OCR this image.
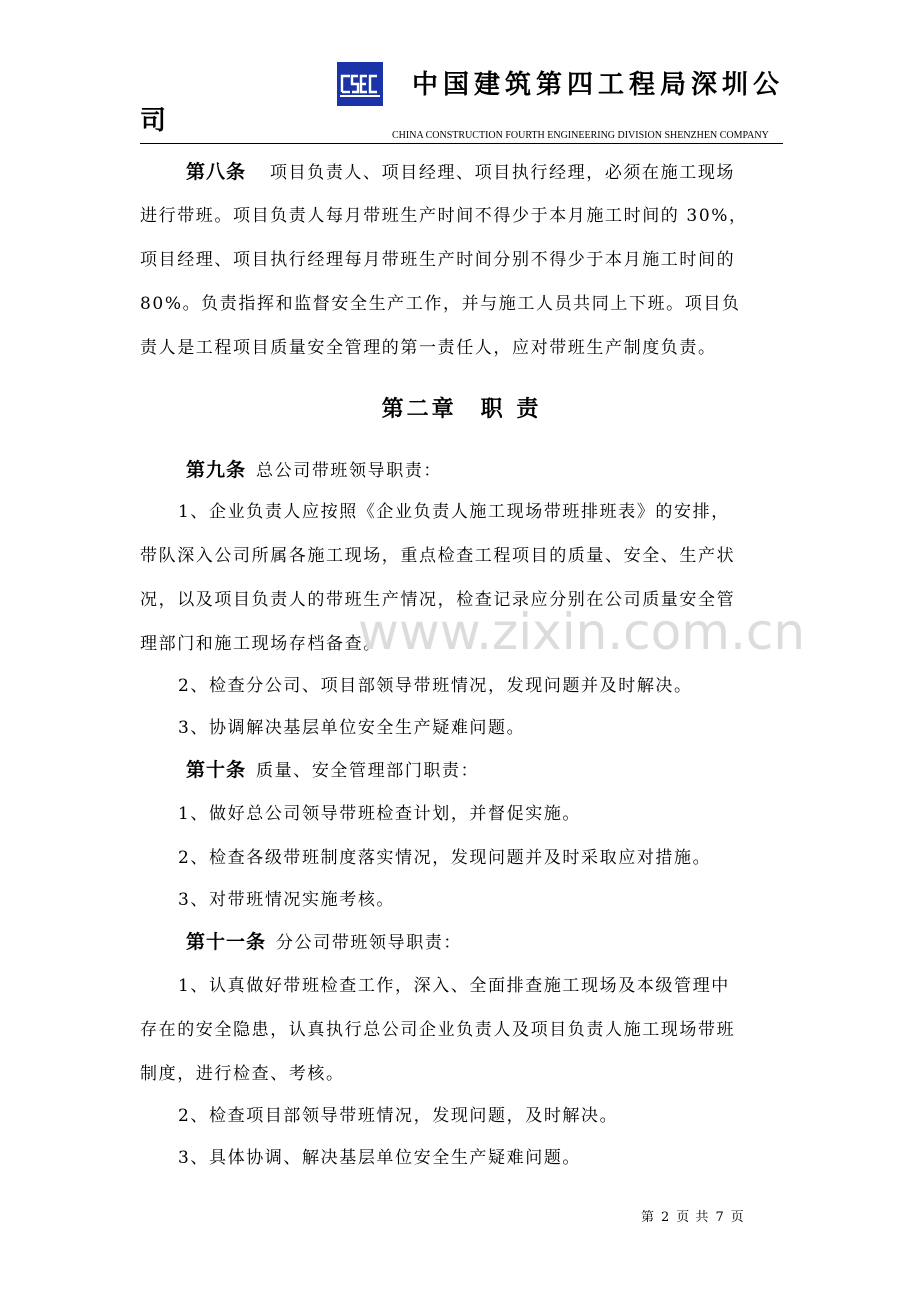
中国建筑第四工程局深圳公
司	CHINA CONSTRUCTION FOURTH ENGINEERING DIVISION SHENZHEN COMPANY
第八条 项目负责人、项目经理、项目执行经理，必须在施工现场
进行带班。项目负责人每月带班生产时间不得少于本月施工时间的 30%，
项目经理、项目执行经理每月带班生产时间分别不得少于本月施工时间的
80%。负责指挥和监督安全生产工作，并与施工人员共同上下班。项目负
责人是工程项目质量安全管理的第一责任人，应对带班生产制度负责。
第二章 职 责
第九条 总公司带班领导职责：
1、企业负责人应按照《企业负责人施工现场带班排班表》的安排，
带队深入公司所属各施工现场，重点检查工程项目的质量、安全、生产状
况，以及项目负责人的带班生产情况，检查记录应分别在公司质量安全管
理部门和施工现场存档备查。
2、检查分公司、项目部领导带班情况，发现问题并及时解决。
3、协调解决基层单位安全生产疑难问题。
第十条 质量、安全管理部门职责：
1、做好总公司领导带班检查计划，并督促实施。
2、检查各级带班制度落实情况，发现问题并及时采取应对措施。
3、对带班情况实施考核。
第十一条 分公司带班领导职责：
1、认真做好带班检查工作，深入、全面排查施工现场及本级管理中
存在的安全隐患，认真执行总公司企业负责人及项目负责人施工现场带班
制度，进行检查、考核。
2、检查项目部领导带班情况，发现问题，及时解决。
3、具体协调、解决基层单位安全生产疑难问题。
www.zixin.com.cn
第 2 页 共 7 页
